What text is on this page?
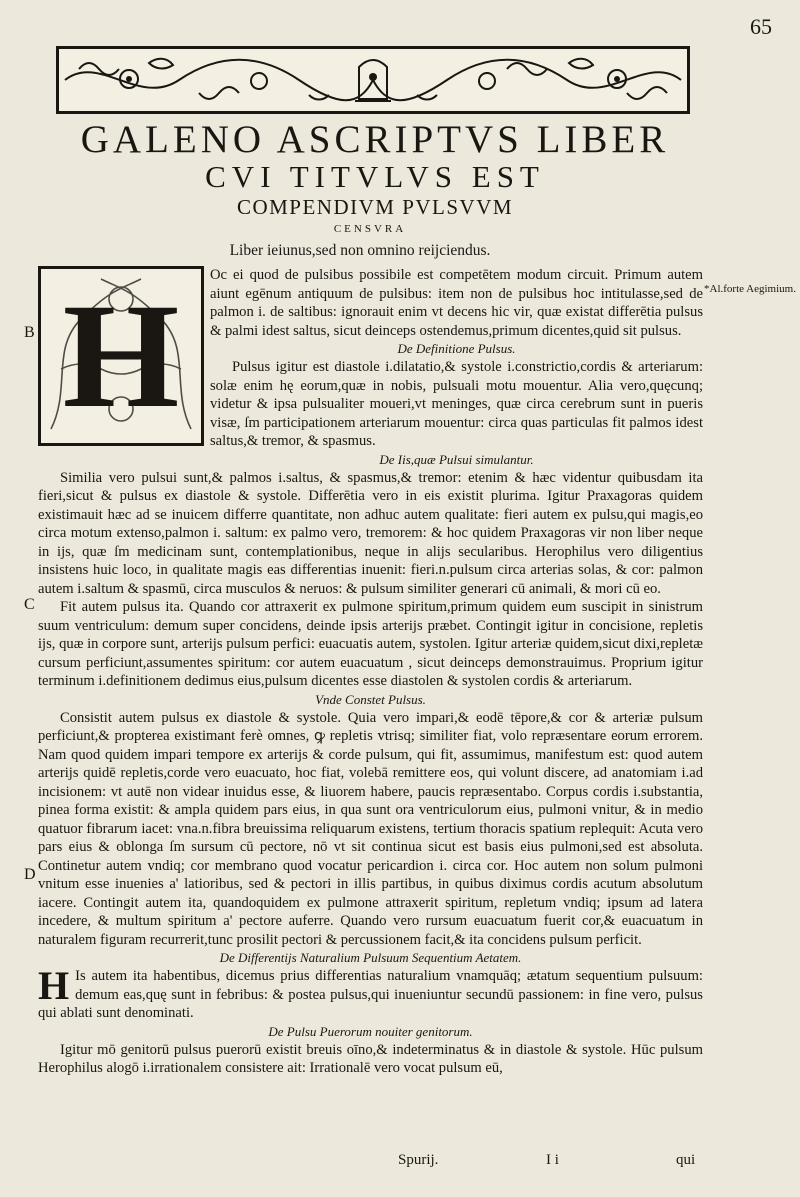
65
GALENO ASCRIPTVS LIBER
CVI TITVLVS EST
COMPENDIVM PVLSVVM
CENSVRA
Liber ieiunus,sed non omnino reijciendus.

Oc ei quod de pulsibus possibile est competētem modum circuit. Primum autem aiunt egēnum antiquum de pulsibus: item non de pulsibus hoc intitulasse,sed de palmon i. de saltibus: ignorauit enim vt decens hic vir, quæ existat differētia pulsus & palmi idest saltus, sicut deinceps ostendemus,primum dicentes,quid sit pulsus.

De Definitione Pulsus.

Pulsus igitur est diastole i.dilatatio,& systole i.constrictio,cordis & arteriarum: solæ enim hę eorum,quæ in nobis, pulsuali motu mouentur. Alia vero,quęcunq; videtur & ipsa pulsualiter moueri,vt meninges, quæ circa cerebrum sunt in pueris visæ, ſm participationem arteriarum mouentur: circa quas particulas fit palmos idest saltus,& tremor, & spasmus.

De Iis,quæ Pulsui simulantur.

Similia vero pulsui sunt,& palmos i.saltus, & spasmus,& tremor: etenim & hæc videntur quibusdam ita fieri,sicut & pulsus ex diastole & systole. Differētia vero in eis existit plurima. Igitur Praxagoras quidem existimauit hæc ad se inuicem differre quantitate, non adhuc autem qualitate: fieri autem ex pulsu,qui magis,eo circa motum extenso,palmon i. saltum: ex palmo vero, tremorem: & hoc quidem Praxagoras vir non liber neque in ijs, quæ ſm medicinam sunt, contemplationibus, neque in alijs secularibus. Herophilus vero diligentius insistens huic loco, in qualitate magis eas differentias inuenit: fieri.n.pulsum circa arterias solas, & cor: palmon autem i.saltum & spasmū, circa musculos & neruos: & pulsum similiter generari cū animali, & mori cū eo.

Fit autem pulsus ita. Quando cor attraxerit ex pulmone spiritum,primum quidem eum suscipit in sinistrum suum ventriculum: demum super concidens, deinde ipsis arterijs præbet. Contingit igitur in concisione, repletis ijs, quæ in corpore sunt, arterijs pulsum perfici: euacuatis autem, systolen. Igitur arteriæ quidem,sicut dixi,repletæ cursum perficiunt,assumentes spiritum: cor autem euacuatum , sicut deinceps demonstrauimus. Proprium igitur terminum i.definitionem dedimus eius,pulsum dicentes esse diastolen & systolen cordis & arteriarum.

Vnde Constet Pulsus.

Consistit autem pulsus ex diastole & systole. Quia vero impari,& eodē tēpore,& cor & arteriæ pulsum perficiunt,& propterea existimant ferè omnes, ꝙ repletis vtrisq; similiter fiat, volo repræsentare eorum errorem. Nam quod quidem impari tempore ex arterijs & corde pulsum, qui fit, assumimus, manifestum est: quod autem arterijs quidē repletis,corde vero euacuato, hoc fiat, volebā remittere eos, qui volunt discere, ad anatomiam i.ad incisionem: vt autē non videar inuidus esse, & liuorem habere, paucis repræsentabo. Corpus cordis i.substantia, pinea forma existit: & ampla quidem pars eius, in qua sunt ora ventriculorum eius, pulmoni vnitur, & in medio quatuor fibrarum iacet: vna.n.fibra breuissima reliquarum existens, tertium thoracis spatium replequit: Acuta vero pars eius & oblonga ſm sursum cū pectore, nō vt sit continua sicut est basis eius pulmoni,sed est absoluta. Continetur autem vndiq; cor membrano quod vocatur pericardion i. circa cor. Hoc autem non solum pulmoni vnitum esse inuenies a' latioribus, sed & pectori in illis partibus, in quibus diximus cordis acutum absolutum iacere. Contingit autem ita, quandoquidem ex pulmone attraxerit spiritum, repletum vndiq; ipsum ad latera incedere, & multum spiritum a' pectore auferre. Quando vero rursum euacuatum fuerit cor,& euacuatum in naturalem figuram recurrerit,tunc prosilit pectori & percussionem facit,& ita concidens pulsum perficit.

De Differentijs Naturalium Pulsuum Sequentium Aetatem.

H Is autem ita habentibus, dicemus prius differentias naturalium vnamquāq; ætatum sequentium pulsuum: demum eas,quę sunt in febribus: & postea pulsus,qui inueniuntur secundū passionem: in fine vero, pulsus qui ablati sunt denominati.

De Pulsu Puerorum nouiter genitorum.

Igitur mō genitorū pulsus puerorū existit breuis oīno,& indeterminatus & in diastole & systole. Hūc pulsum Herophilus alogō i.irrationalem consistere ait: Irrationalē vero vocat pulsum eū,

H	*Al.forte Aegimium.
B
C
D
Spurij.	I i	qui
